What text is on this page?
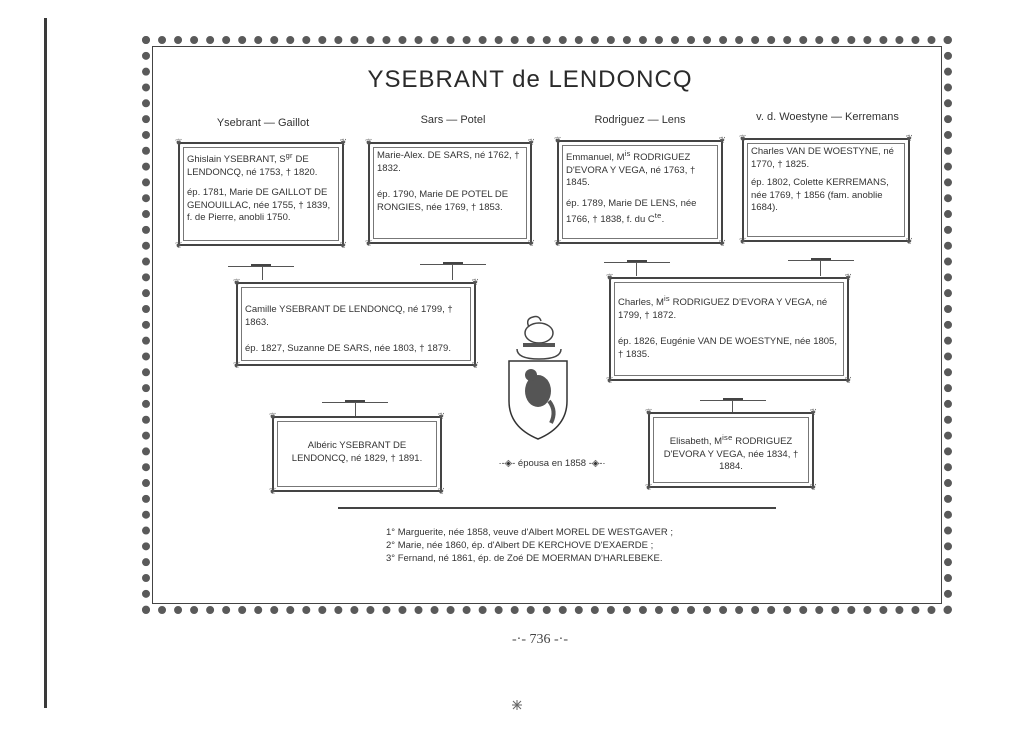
YSEBRANT de LENDONCQ
Ysebrant — Gaillot	Sars — Potel	Rodriguez — Lens	v. d. Woestyne — Kerremans
❦	❦
❦	❦

Ghislain YSEBRANT, $S^{gr}$ DE LENDONCQ, né 1753, † 1820.

ép. 1781, Marie DE GAILLOT DE GENOUILLAC, née 1755, † 1839, f. de Pierre, anobli 1750.

❦	❦
❦	❦

Marie-Alex. DE SARS, né 1762, † 1832.

ép. 1790, Marie DE POTEL DE RONGIES, née 1769, † 1853.

❦	❦
❦	❦

Emmanuel, $M^{is}$ RODRIGUEZ D'EVORA Y VEGA, né 1763, † 1845.

ép. 1789, Marie DE LENS, née 1766, † 1838, f. du $C^{te}$.

❦	❦
❦	❦

Charles VAN DE WOESTYNE, né 1770, † 1825.

ép. 1802, Colette KERREMANS, née 1769, † 1856 (fam. anoblie 1684).

❦	❦
❦	❦

Camille YSEBRANT DE LENDONCQ, né 1799, † 1863.

ép. 1827, Suzanne DE SARS, née 1803, † 1879.

❦	❦
❦	❦

Charles, $M^{is}$ RODRIGUEZ D'EVORA Y VEGA, né 1799, † 1872.

ép. 1826, Eugénie VAN DE WOESTYNE, née 1805, † 1835.

❦	❦
❦	❦

Albéric YSEBRANT DE LENDONCQ, né 1829, † 1891.

❦	❦
❦	❦

Elisabeth, $M^{ise}$ RODRIGUEZ D'EVORA Y VEGA, née 1834, † 1884.

·-◈- épousa en 1858 -◈-·

1° Marguerite, née 1858, veuve d'Albert MOREL DE WESTGAVER ;

2° Marie, née 1860, ép. d'Albert DE KERCHOVE D'EXAERDE ;

3° Fernand, né 1861, ép. de Zoé DE MOERMAN D'HARLEBEKE.

-·- 736 -·-
